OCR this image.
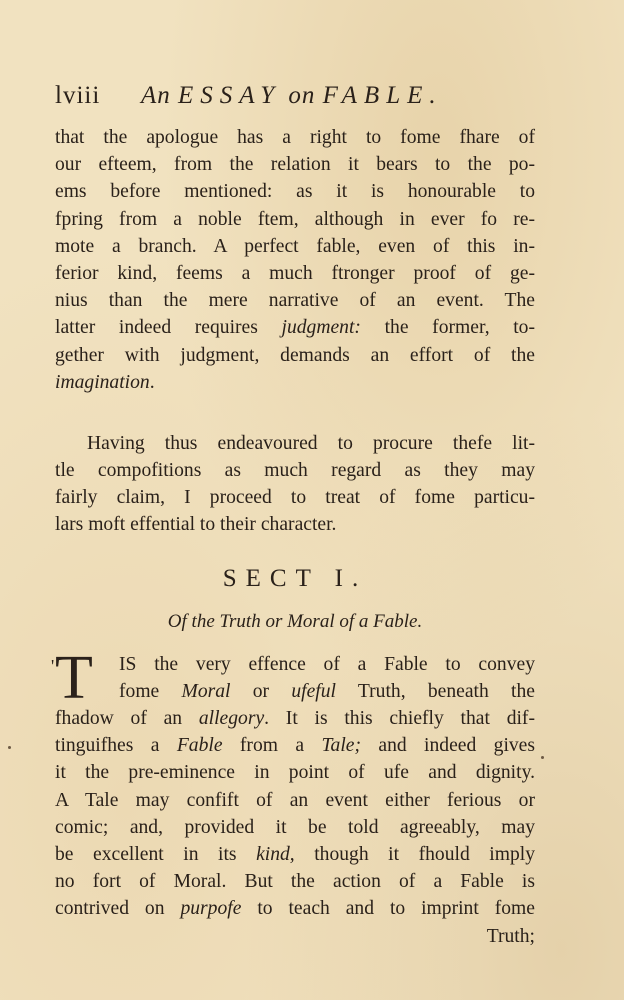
lviii An ESSAY on FABLE.
that the apologue has a right to fome fhare of
our efteem, from the relation it bears to the po-
ems before mentioned: as it is honourable to
fpring from a noble ftem, although in ever fo re-
mote a branch. A perfect fable, even of this in-
ferior kind, feems a much ftronger proof of ge-
nius than the mere narrative of an event. The
latter indeed requires judgment: the former, to-
gether with judgment, demands an effort of the
imagination.
Having thus endeavoured to procure thefe lit-
tle compofitions as much regard as they may
fairly claim, I proceed to treat of fome particu-
lars moft effential to their character.
SECT I.
Of the Truth or Moral of a Fable.
' T	IS the very effence of a Fable to convey
fome Moral or ufeful Truth, beneath the
fhadow of an allegory. It is this chiefly that dif-
tinguifhes a Fable from a Tale; and indeed gives
it the pre-eminence in point of ufe and dignity.
A Tale may confift of an event either ferious or
comic; and, provided it be told agreeably, may
be excellent in its kind, though it fhould imply
no fort of Moral. But the action of a Fable is
contrived on purpofe to teach and to imprint fome
Truth;
